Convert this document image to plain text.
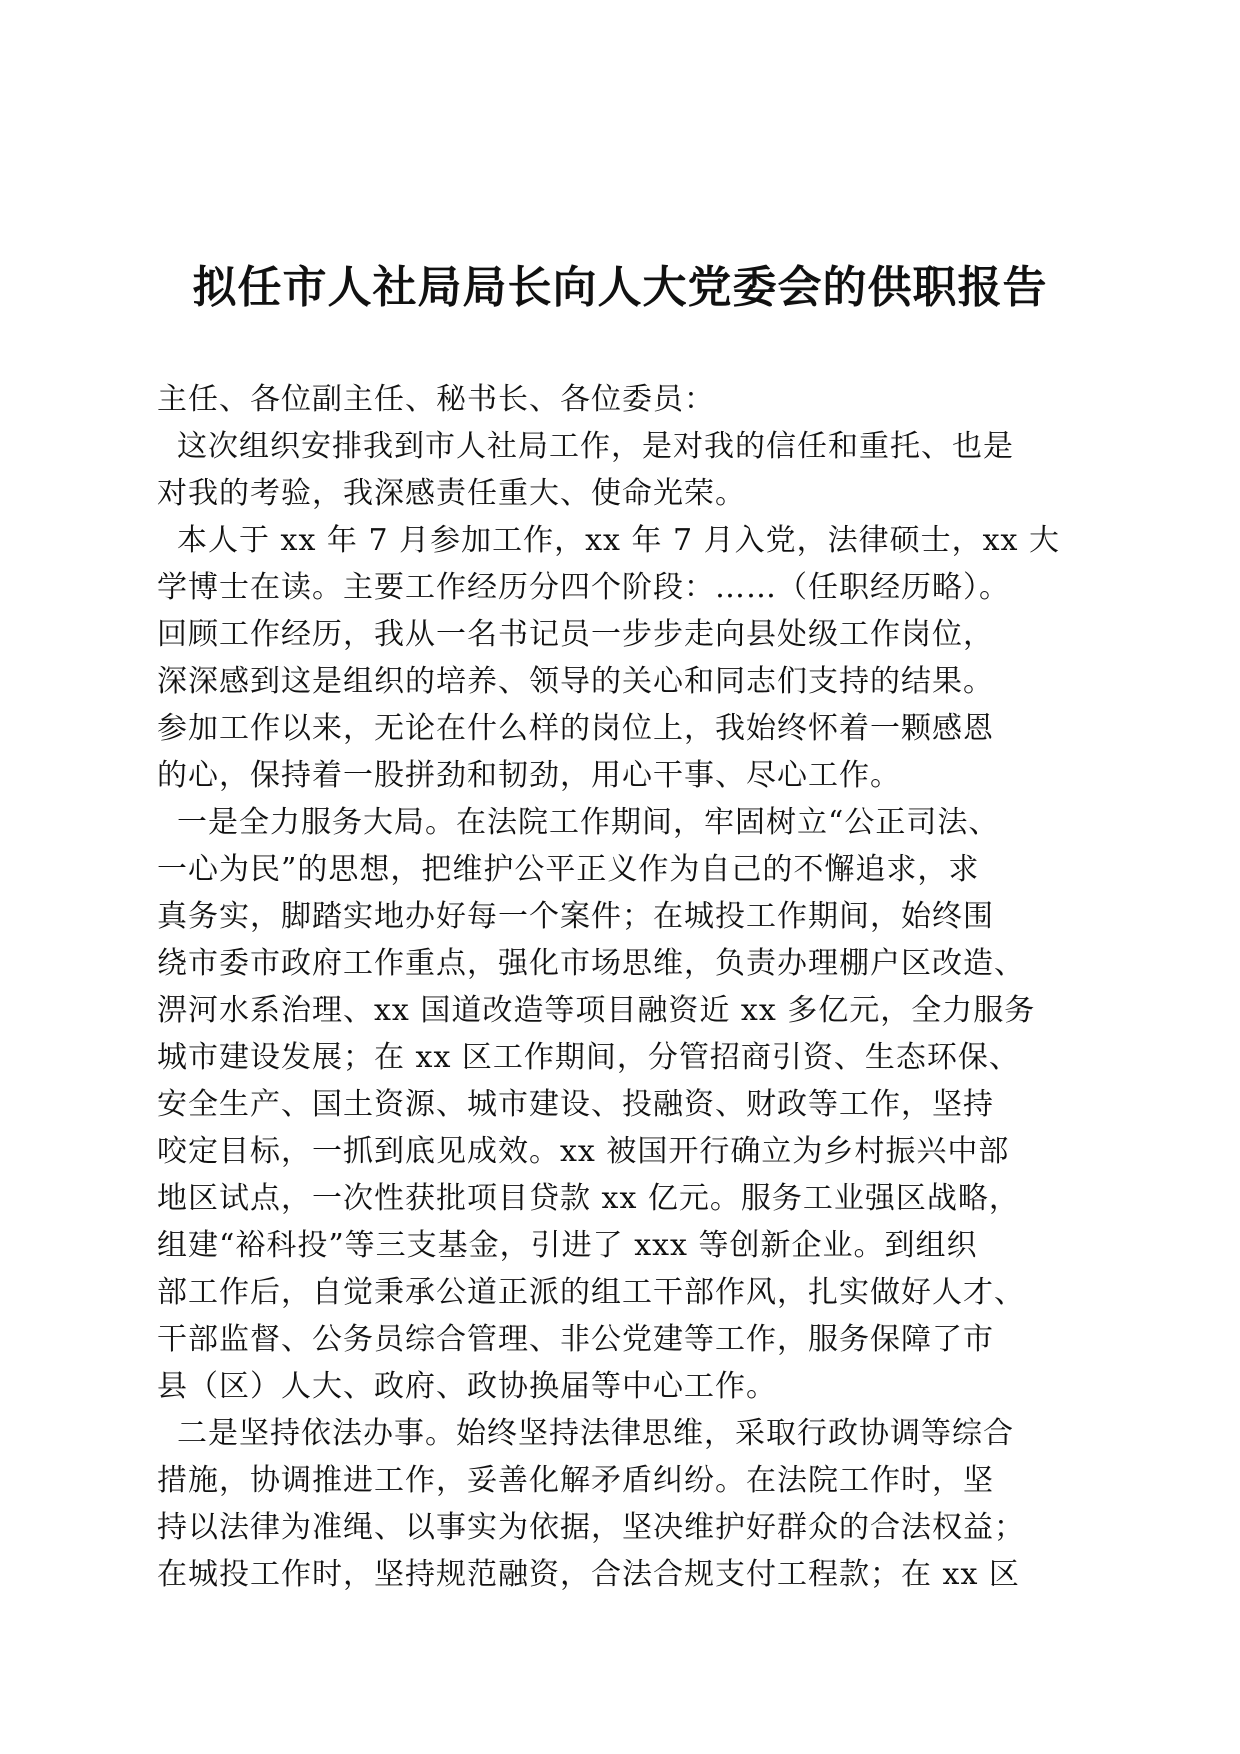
拟任市人社局局长向人大党委会的供职报告
主任、各位副主任、秘书长、各位委员：
这次组织安排我到市人社局工作，是对我的信任和重托、也是
对我的考验，我深感责任重大、使命光荣。
本人于 xx 年 7 月参加工作，xx 年 7 月入党，法律硕士，xx 大
学博士在读。主要工作经历分四个阶段：……（任职经历略）。
回顾工作经历，我从一名书记员一步步走向县处级工作岗位，
深深感到这是组织的培养、领导的关心和同志们支持的结果。
参加工作以来，无论在什么样的岗位上，我始终怀着一颗感恩
的心，保持着一股拼劲和韧劲，用心干事、尽心工作。
一是全力服务大局。在法院工作期间，牢固树立“公正司法、
一心为民”的思想，把维护公平正义作为自己的不懈追求，求
真务实，脚踏实地办好每一个案件；在城投工作期间，始终围
绕市委市政府工作重点，强化市场思维，负责办理棚户区改造、
淠河水系治理、xx 国道改造等项目融资近 xx 多亿元，全力服务
城市建设发展；在 xx 区工作期间，分管招商引资、生态环保、
安全生产、国土资源、城市建设、投融资、财政等工作，坚持
咬定目标，一抓到底见成效。xx 被国开行确立为乡村振兴中部
地区试点，一次性获批项目贷款 xx 亿元。服务工业强区战略，
组建“裕科投”等三支基金，引进了 xxx 等创新企业。到组织
部工作后，自觉秉承公道正派的组工干部作风，扎实做好人才、
干部监督、公务员综合管理、非公党建等工作，服务保障了市
县（区）人大、政府、政协换届等中心工作。
二是坚持依法办事。始终坚持法律思维，采取行政协调等综合
措施，协调推进工作，妥善化解矛盾纠纷。在法院工作时，坚
持以法律为准绳、以事实为依据，坚决维护好群众的合法权益；
在城投工作时，坚持规范融资，合法合规支付工程款；在 xx 区
